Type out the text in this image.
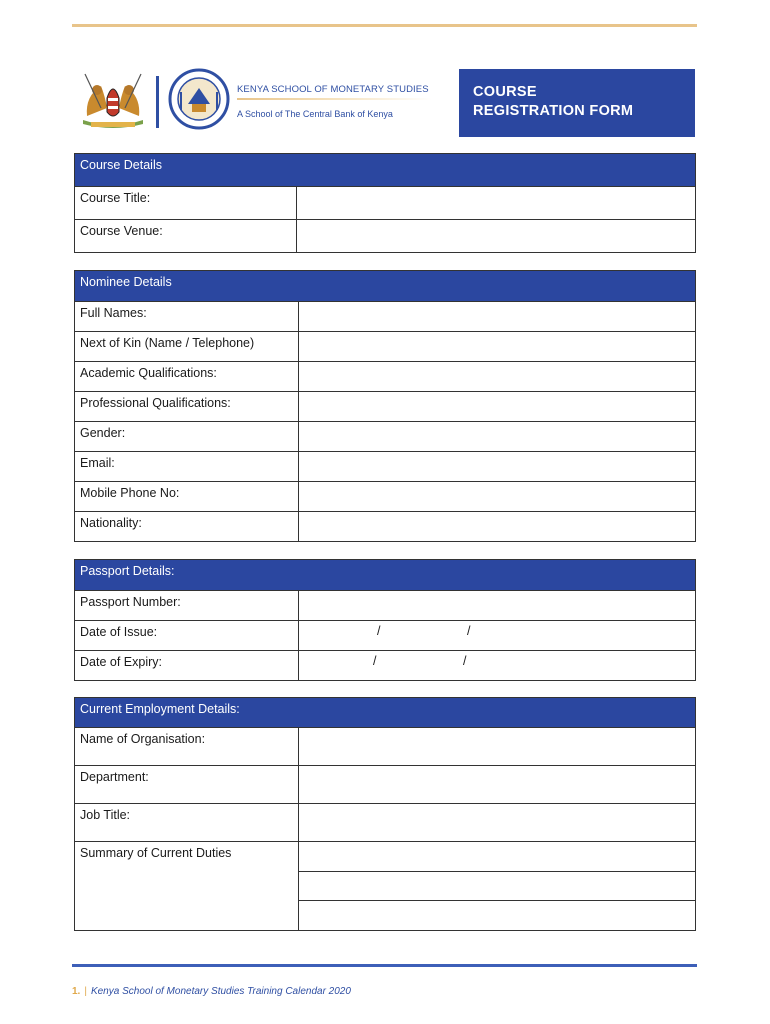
KENYA SCHOOL OF MONETARY STUDIES
A School of The Central Bank of Kenya
COURSE
REGISTRATION FORM
Course Details
Course Title:
Course Venue:
Nominee Details
Full Names:
Next of Kin (Name / Telephone)
Academic Qualifications:
Professional Qualifications:
Gender:
Email:
Mobile Phone No:
Nationality:
Passport Details:
Passport Number:
Date of Issue:	/	/
Date of Expiry:	/	/
Current Employment Details:
Name of Organisation:
Department:
Job Title:
Summary of Current Duties
1. | Kenya School of Monetary Studies Training Calendar 2020
